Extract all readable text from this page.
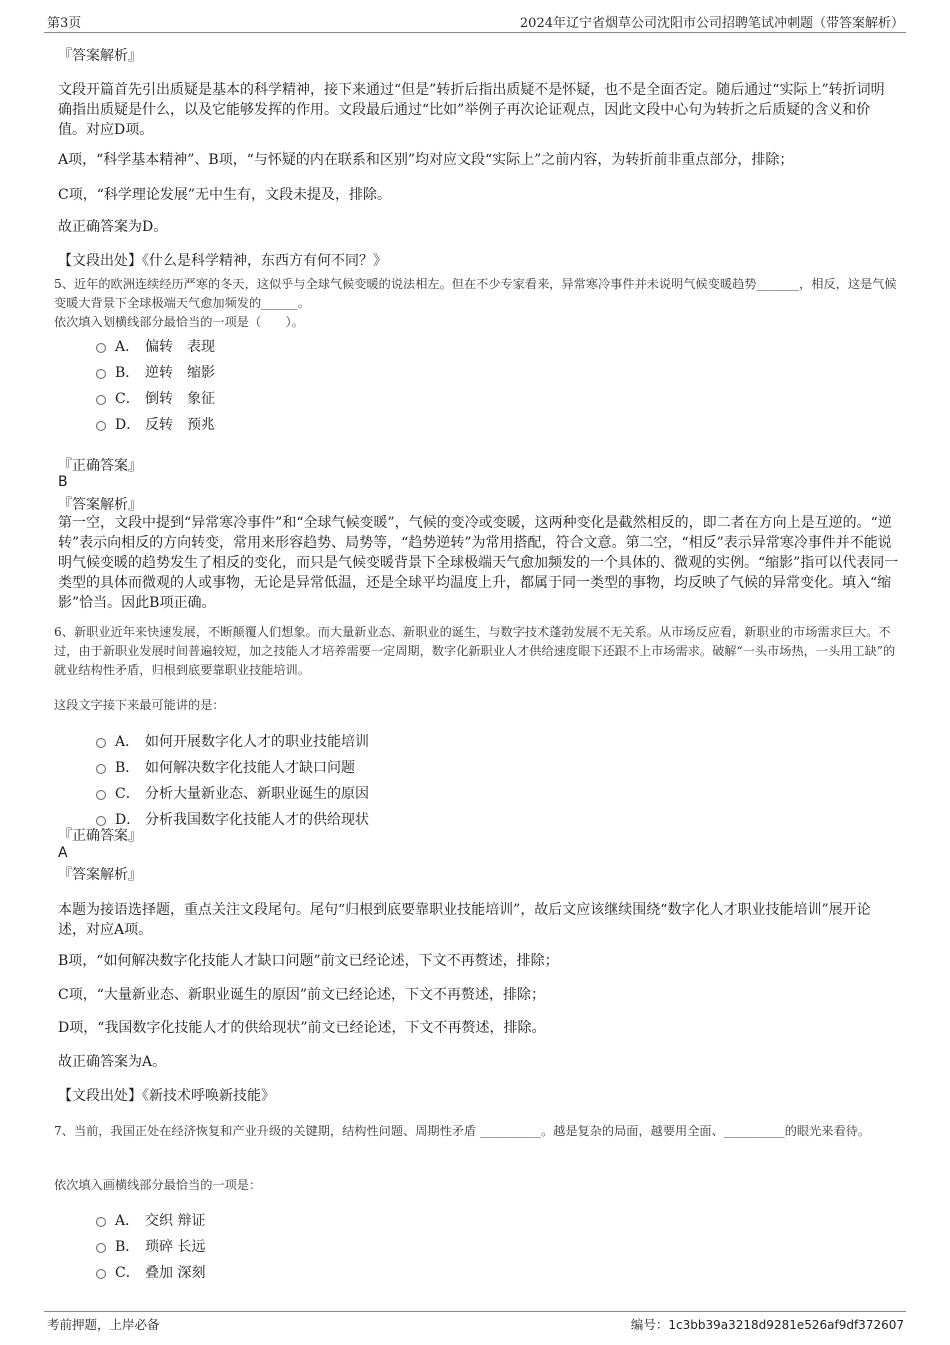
第3页	2024年辽宁省烟草公司沈阳市公司招聘笔试冲刺题（带答案解析）
『答案解析』
文段开篇首先引出质疑是基本的科学精神，接下来通过“但是”转折后指出质疑不是怀疑，也不是全面否定。随后通过“实际上”转折词明确指出质疑是什么，以及它能够发挥的作用。文段最后通过“比如”举例子再次论证观点，因此文段中心句为转折之后质疑的含义和价值。对应D项。
A项，“科学基本精神”、B项，“与怀疑的内在联系和区别”均对应文段“实际上”之前内容，为转折前非重点部分，排除；
C项，“科学理论发展”无中生有，文段未提及，排除。
故正确答案为D。
【文段出处】《什么是科学精神，东西方有何不同？》
5、近年的欧洲连续经历严寒的冬天，这似乎与全球气候变暖的说法相左。但在不少专家看来，异常寒冷事件并未说明气候变暖趋势_______，相反，这是气候变暖大背景下全球极端天气愈加频发的______。
依次填入划横线部分最恰当的一项是（　　）。
A． 偏转 表现
B． 逆转 缩影
C． 倒转 象征
D． 反转 预兆
『正确答案』
B
『答案解析』
第一空，文段中提到“异常寒冷事件”和“全球气候变暖”，气候的变冷或变暖，这两种变化是截然相反的，即二者在方向上是互逆的。“逆转”表示向相反的方向转变，常用来形容趋势、局势等，“趋势逆转”为常用搭配，符合文意。第二空，“相反”表示异常寒冷事件并不能说明气候变暖的趋势发生了相反的变化，而只是气候变暖背景下全球极端天气愈加频发的一个具体的、微观的实例。“缩影”指可以代表同一类型的具体而微观的人或事物，无论是异常低温，还是全球平均温度上升，都属于同一类型的事物，均反映了气候的异常变化。填入“缩影”恰当。因此B项正确。
6、新职业近年来快速发展，不断颠覆人们想象。而大量新业态、新职业的诞生，与数字技术蓬勃发展不无关系。从市场反应看，新职业的市场需求巨大。不过，由于新职业发展时间普遍较短，加之技能人才培养需要一定周期，数字化新职业人才供给速度眼下还跟不上市场需求。破解“一头市场热，一头用工缺”的就业结构性矛盾，归根到底要靠职业技能培训。
这段文字接下来最可能讲的是：
A． 如何开展数字化人才的职业技能培训
B． 如何解决数字化技能人才缺口问题
C． 分析大量新业态、新职业诞生的原因
D． 分析我国数字化技能人才的供给现状
『正确答案』
A
『答案解析』
本题为接语选择题，重点关注文段尾句。尾句“归根到底要靠职业技能培训”，故后文应该继续围绕“数字化人才职业技能培训”展开论述，对应A项。
B项，“如何解决数字化技能人才缺口问题”前文已经论述，下文不再赘述，排除；
C项，“大量新业态、新职业诞生的原因”前文已经论述，下文不再赘述，排除；
D项，“我国数字化技能人才的供给现状”前文已经论述，下文不再赘述，排除。
故正确答案为A。
【文段出处】《新技术呼唤新技能》
7、当前，我国正处在经济恢复和产业升级的关键期，结构性问题、周期性矛盾 __________。越是复杂的局面，越要用全面、__________的眼光来看待。
依次填入画横线部分最恰当的一项是：
A． 交织 辩证
B． 琐碎 长远
C． 叠加 深刻
考前押题，上岸必备	编号：1c3bb39a3218d9281e526af9df372607
